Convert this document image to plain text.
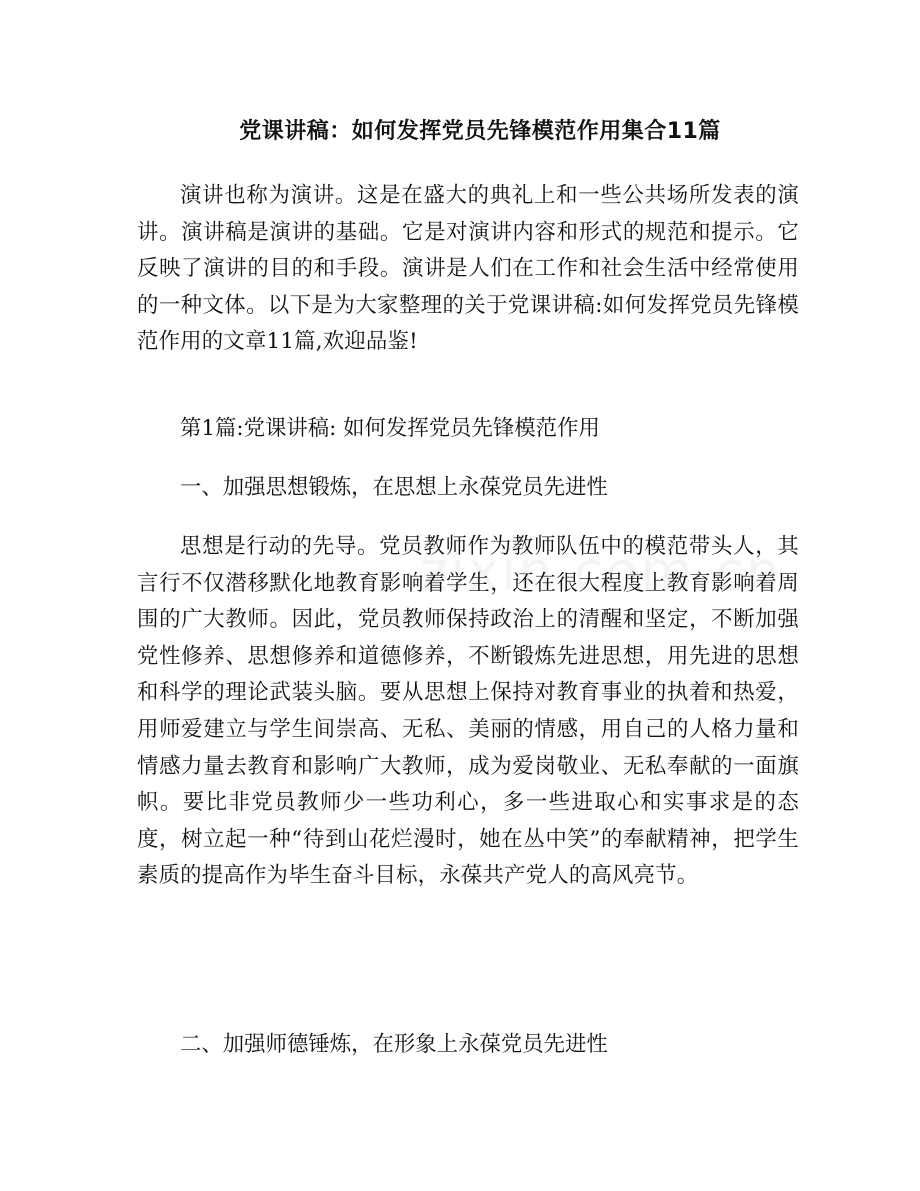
党课讲稿：如何发挥党员先锋模范作用集合11篇

演讲也称为演讲。这是在盛大的典礼上和一些公共场所发表的演讲。演讲稿是演讲的基础。它是对演讲内容和形式的规范和提示。它反映了演讲的目的和手段。演讲是人们在工作和社会生活中经常使用的一种文体。以下是为大家整理的关于党课讲稿:如何发挥党员先锋模范作用的文章11篇,欢迎品鉴!

第1篇:党课讲稿: 如何发挥党员先锋模范作用

一、加强思想锻炼，在思想上永葆党员先进性

思想是行动的先导。党员教师作为教师队伍中的模范带头人，其言行不仅潜移默化地教育影响着学生，还在很大程度上教育影响着周围的广大教师。因此，党员教师保持政治上的清醒和坚定，不断加强党性修养、思想修养和道德修养，不断锻炼先进思想，用先进的思想和科学的理论武装头脑。要从思想上保持对教育事业的执着和热爱，用师爱建立与学生间崇高、无私、美丽的情感，用自己的人格力量和情感力量去教育和影响广大教师，成为爱岗敬业、无私奉献的一面旗帜。要比非党员教师少一些功利心，多一些进取心和实事求是的态度，树立起一种“待到山花烂漫时，她在丛中笑”的奉献精神，把学生素质的提高作为毕生奋斗目标，永葆共产党人的高风亮节。

二、加强师德锤炼，在形象上永葆党员先进性
